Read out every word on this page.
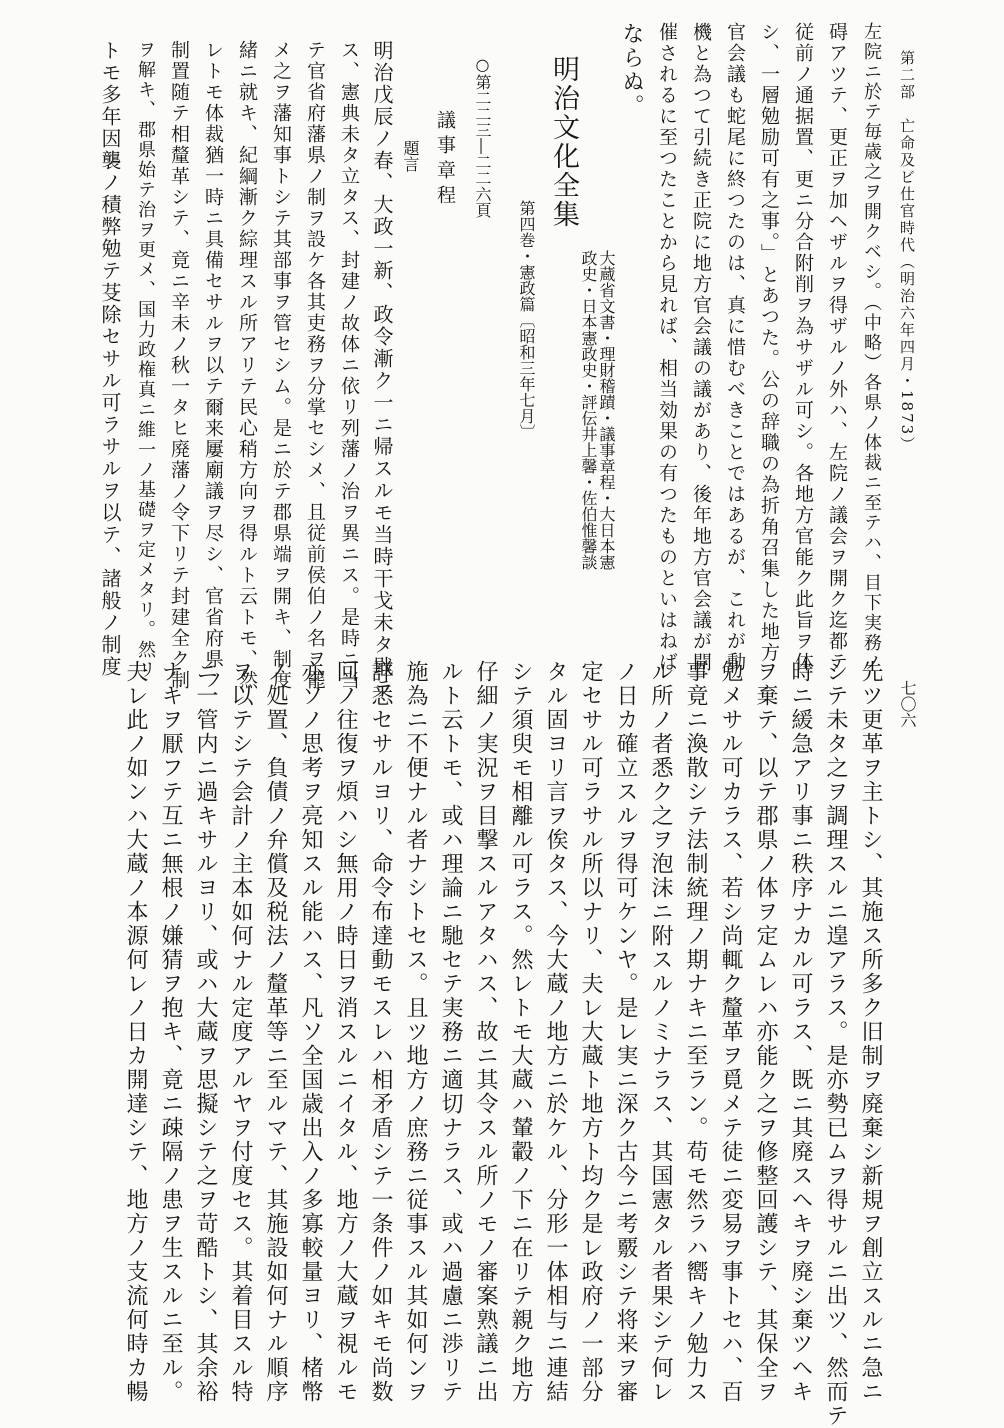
第二部　亡命及ビ仕官時代（明治六年四月・1873）
七〇六
左院ニ於テ毎歳之ヲ開クベシ。（中略）各県ノ体裁ニ至テハ、目下実務ノ
碍アツテ、更正ヲ加ヘザルヲ得ザルノ外ハ、左院ノ議会ヲ開ク迄都テ
従前ノ通据置、更ニ分合附削ヲ為サザル可シ。各地方官能ク此旨ヲ体
シ、一層勉励可有之事。」とあつた。公の辞職の為折角召集した地方
官会議も蛇尾に終つたのは、真に惜むべきことではあるが、これが動
機と為つて引続き正院に地方官会議の議があり、後年地方官会議が開
催されるに至つたことから見れば、相当効果の有つたものといはねば
ならぬ。
大蔵省文書・理財稽蹟・議事章程・大日本憲
政史・日本憲政史・評伝井上馨・佐伯惟馨談
明治文化全集
第四巻・憲政篇〔昭和三年七月〕
○第二二三―二二六頁
議事章程
題言
明治戊辰ノ春、大政一新、政令漸ク一ニ帰スルモ当時干戈未タ戢ラ
ス、憲典未タ立タス、封建ノ故体ニ依リ列藩ノ治ヲ異ニス。是時ニ当
テ官省府藩県ノ制ヲ設ケ各其吏務ヲ分掌セシメ、且従前侯伯ノ名ヲ罷
メ之ヲ藩知事トシテ其部事ヲ管セシム。是ニ於テ郡県端ヲ開キ、制度
緒ニ就キ、紀綱漸ク綜理スル所アリテ民心稍方向ヲ得ルト云トモ、然
レトモ体裁猶一時ニ具備セサルヲ以テ爾来屢廟議ヲ尽シ、官省府県ノ
制置随テ相釐革シテ、竟ニ辛未ノ秋一タヒ廃藩ノ令下リテ封建全ク制
ヲ解キ、郡県始テ治ヲ更メ、国力政権真ニ維一ノ基礎ヲ定メタリ。然リ
トモ多年因襲ノ積弊勉テ芟除セサル可ラサルヲ以テ、諸般ノ制度
先ツ更革ヲ主トシ、其施ス所多ク旧制ヲ廃棄シ新規ヲ創立スルニ急ニ
シテ未タ之ヲ調理スルニ遑アラス。是亦勢已ムヲ得サルニ出ツ、然而テ
時ニ緩急アリ事ニ秩序ナカル可ラス、既ニ其廃スヘキヲ廃シ棄ツヘキ
ヲ棄テ、以テ郡県ノ体ヲ定ムレハ亦能ク之ヲ修整回護シテ、其保全ヲ
勉メサル可カラス、若シ尚輒ク釐革ヲ覓メテ徒ニ変易ヲ事トセハ、百
事竟ニ渙散シテ法制統理ノ期ナキニ至ラン。苟モ然ラハ嚮キノ勉力ス
ル所ノ者悉ク之ヲ泡沫ニ附スルノミナラス、其国憲タル者果シテ何レ
ノ日カ確立スルヲ得可ケンヤ。是レ実ニ深ク古今ニ考覈シテ将来ヲ審
定セサル可ラサル所以ナリ、夫レ大蔵ト地方ト均ク是レ政府ノ一部分
タル固ヨリ言ヲ俟タス、今大蔵ノ地方ニ於ケル、分形一体相与ニ連結
シテ須臾モ相離ル可ラス。然レトモ大蔵ハ輦轂ノ下ニ在リテ親ク地方
仔細ノ実況ヲ目撃スルアタハス、故ニ其令スル所ノモノ審案熟議ニ出
ルト云トモ、或ハ理論ニ馳セテ実務ニ適切ナラス、或ハ過慮ニ渉リテ
施為ニ不便ナル者ナシトセス。且ツ地方ノ庶務ニ従事スル其如何ンヲ
詳悉セサルヨリ、命令布達動モスレハ相矛盾シテ一条件ノ如キモ尚数
回ノ往復ヲ煩ハシ無用ノ時日ヲ消スルニイタル、地方ノ大蔵ヲ視ルモ
亦ソノ思考ヲ亮知スル能ハス、凡ソ全国歳出入ノ多寡較量ヨリ、楮幣
ノ処置、負債ノ弁償及税法ノ釐革等ニ至ルマテ、其施設如何ナル順序
ヲ以テシテ会計ノ主本如何ナル定度アルヤヲ付度セス。其着目スル特
ニ一管内ニ過キサルヨリ、或ハ大蔵ヲ思擬シテ之ヲ苛酷トシ、其余裕
ナキヲ厭フテ互ニ無根ノ嫌猜ヲ抱キ、竟ニ疎隔ノ患ヲ生スルニ至ル。
夫レ此ノ如ンハ大蔵ノ本源何レノ日カ開達シテ、地方ノ支流何時カ暢
